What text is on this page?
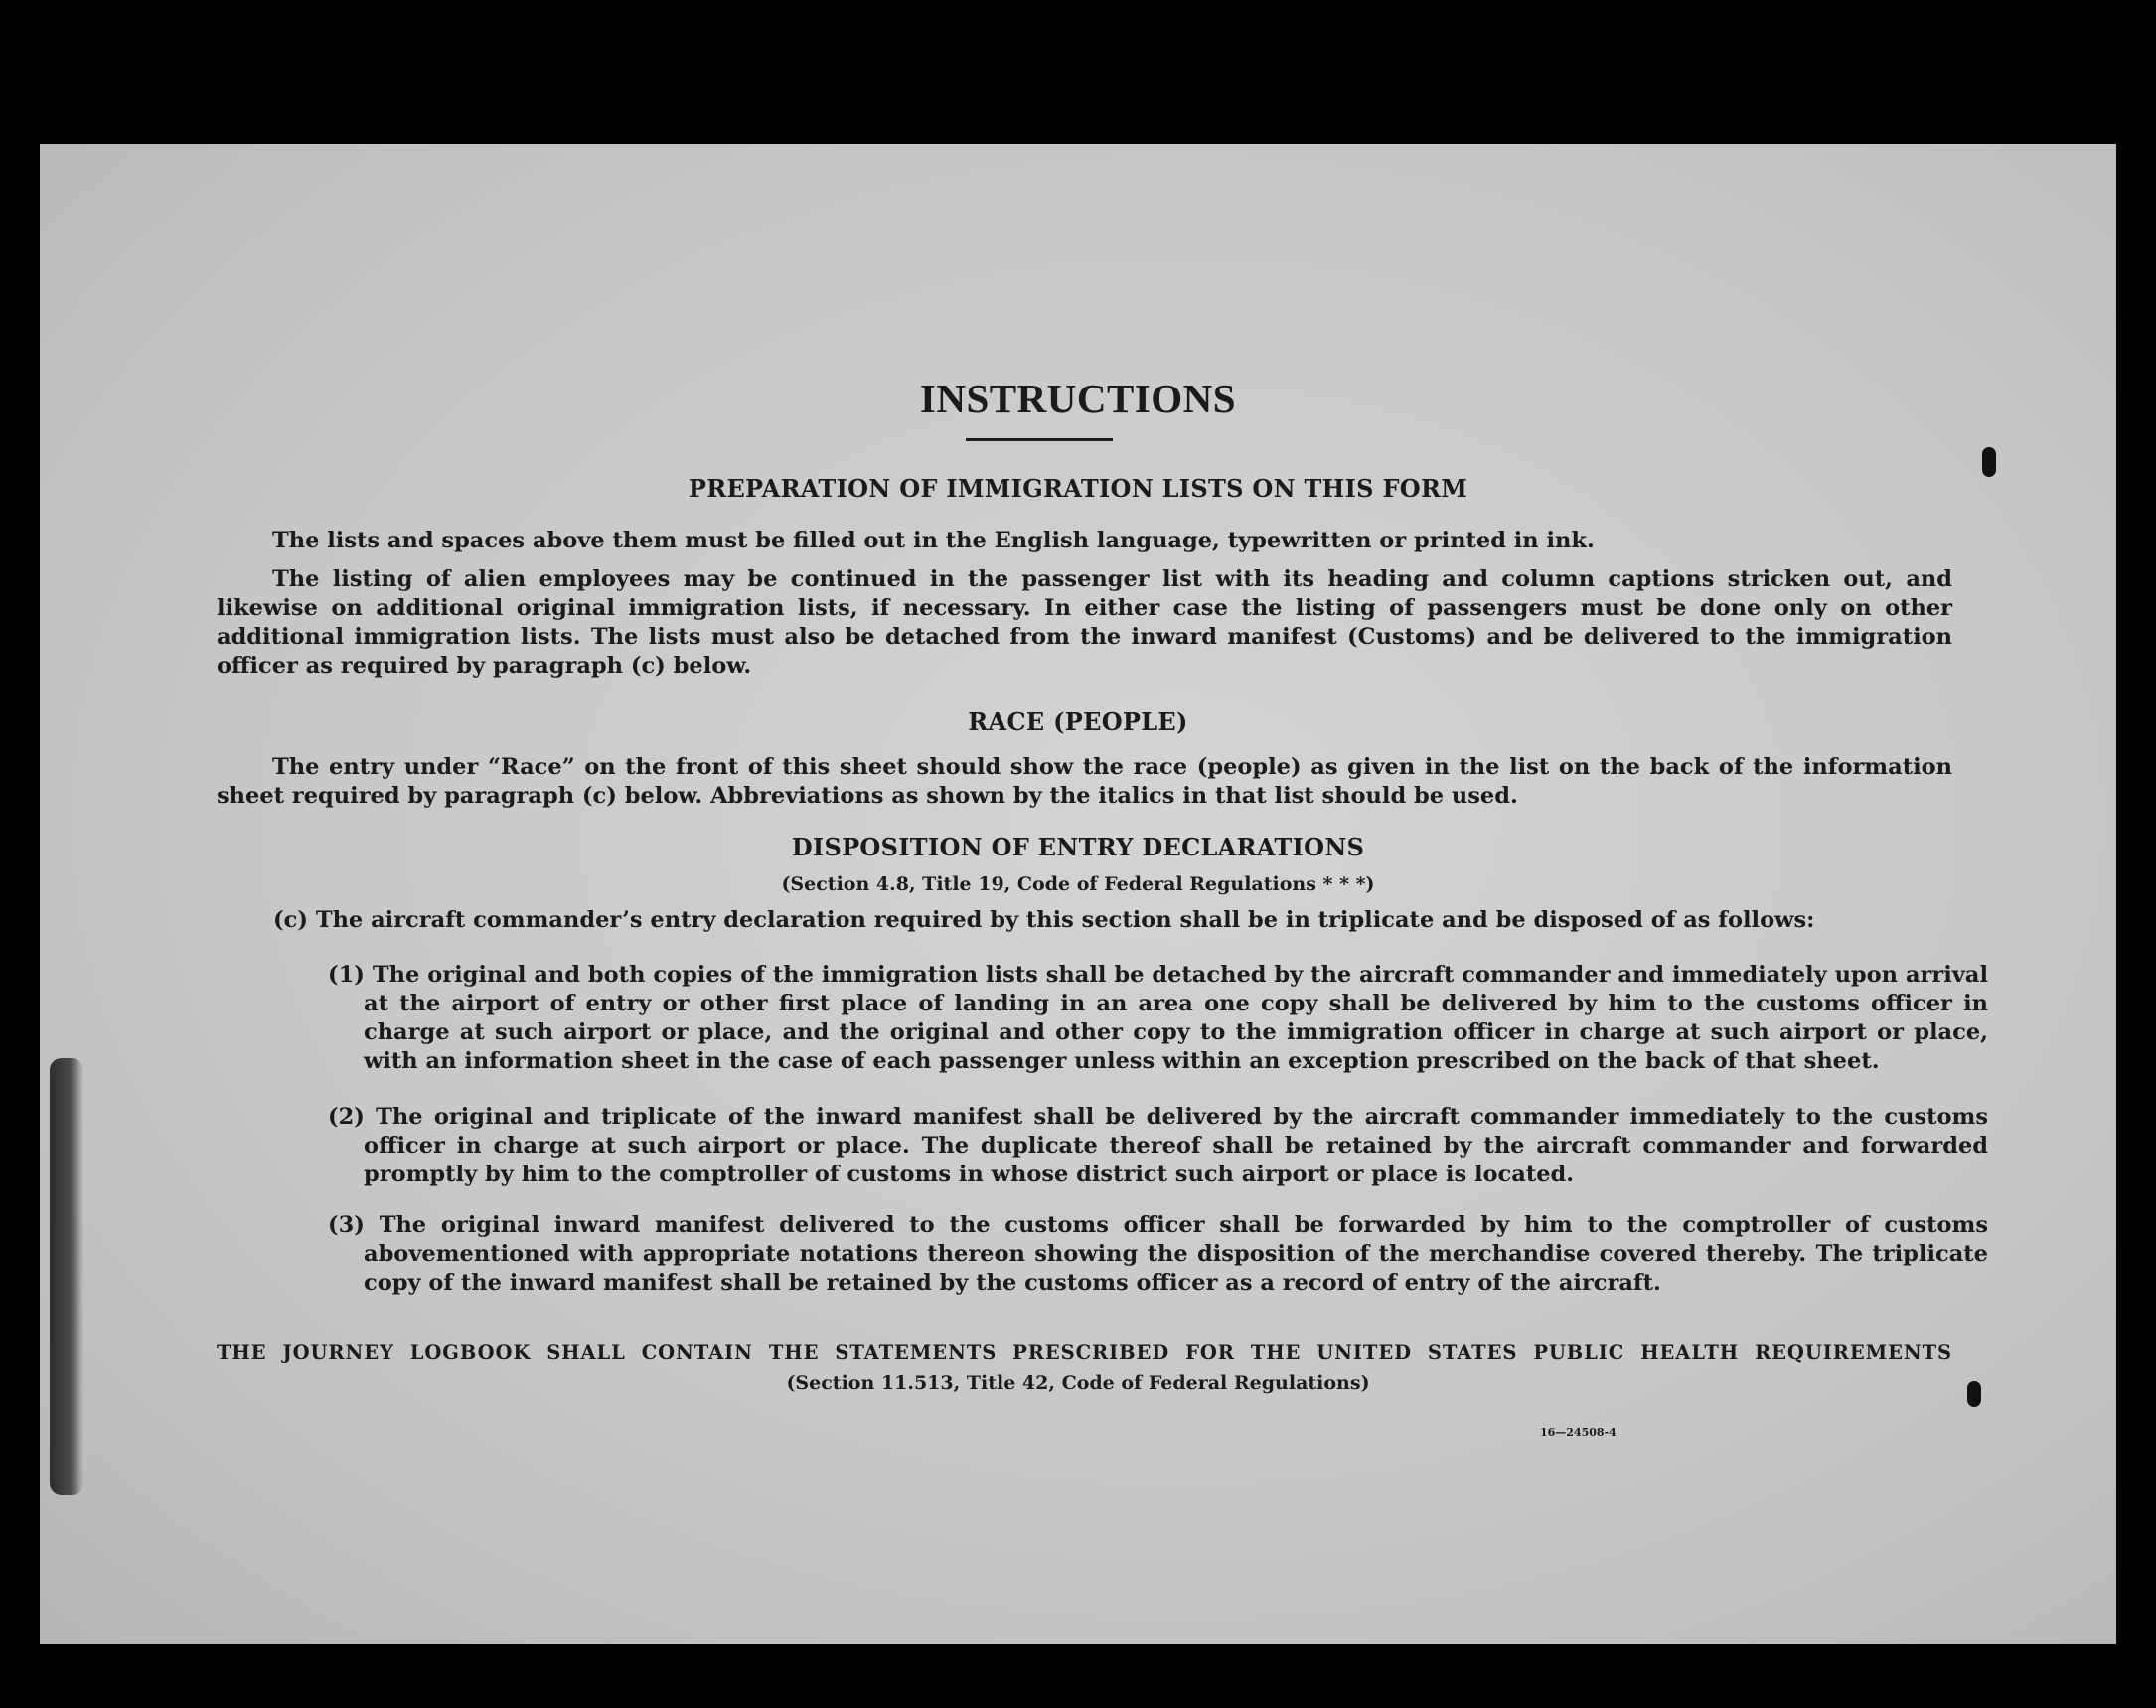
INSTRUCTIONS
PREPARATION OF IMMIGRATION LISTS ON THIS FORM
The lists and spaces above them must be filled out in the English language, typewritten or printed in ink.
The listing of alien employees may be continued in the passenger list with its heading and column captions stricken out, and likewise on additional original immigration lists, if necessary. In either case the listing of passengers must be done only on other additional immigration lists. The lists must also be detached from the inward manifest (Customs) and be delivered to the immigration officer as required by paragraph (c) below.
RACE (PEOPLE)
The entry under “Race” on the front of this sheet should show the race (people) as given in the list on the back of the information sheet required by paragraph (c) below. Abbreviations as shown by the italics in that list should be used.
DISPOSITION OF ENTRY DECLARATIONS
(Section 4.8, Title 19, Code of Federal Regulations * * *)
(c) The aircraft commander’s entry declaration required by this section shall be in triplicate and be disposed of as follows:
(1) The original and both copies of the immigration lists shall be detached by the aircraft commander and immediately upon arrival at the airport of entry or other first place of landing in an area one copy shall be delivered by him to the customs officer in charge at such airport or place, and the original and other copy to the immigration officer in charge at such airport or place, with an information sheet in the case of each passenger unless within an exception prescribed on the back of that sheet.
(2) The original and triplicate of the inward manifest shall be delivered by the aircraft commander immediately to the customs officer in charge at such airport or place. The duplicate thereof shall be retained by the aircraft commander and forwarded promptly by him to the comptroller of customs in whose district such airport or place is located.
(3) The original inward manifest delivered to the customs officer shall be forwarded by him to the comptroller of customs abovementioned with appropriate notations thereon showing the disposition of the merchandise covered thereby. The triplicate copy of the inward manifest shall be retained by the customs officer as a record of entry of the aircraft.
THE JOURNEY LOGBOOK SHALL CONTAIN THE STATEMENTS PRESCRIBED FOR THE UNITED STATES PUBLIC HEALTH REQUIREMENTS
(Section 11.513, Title 42, Code of Federal Regulations)
16—24508-4
